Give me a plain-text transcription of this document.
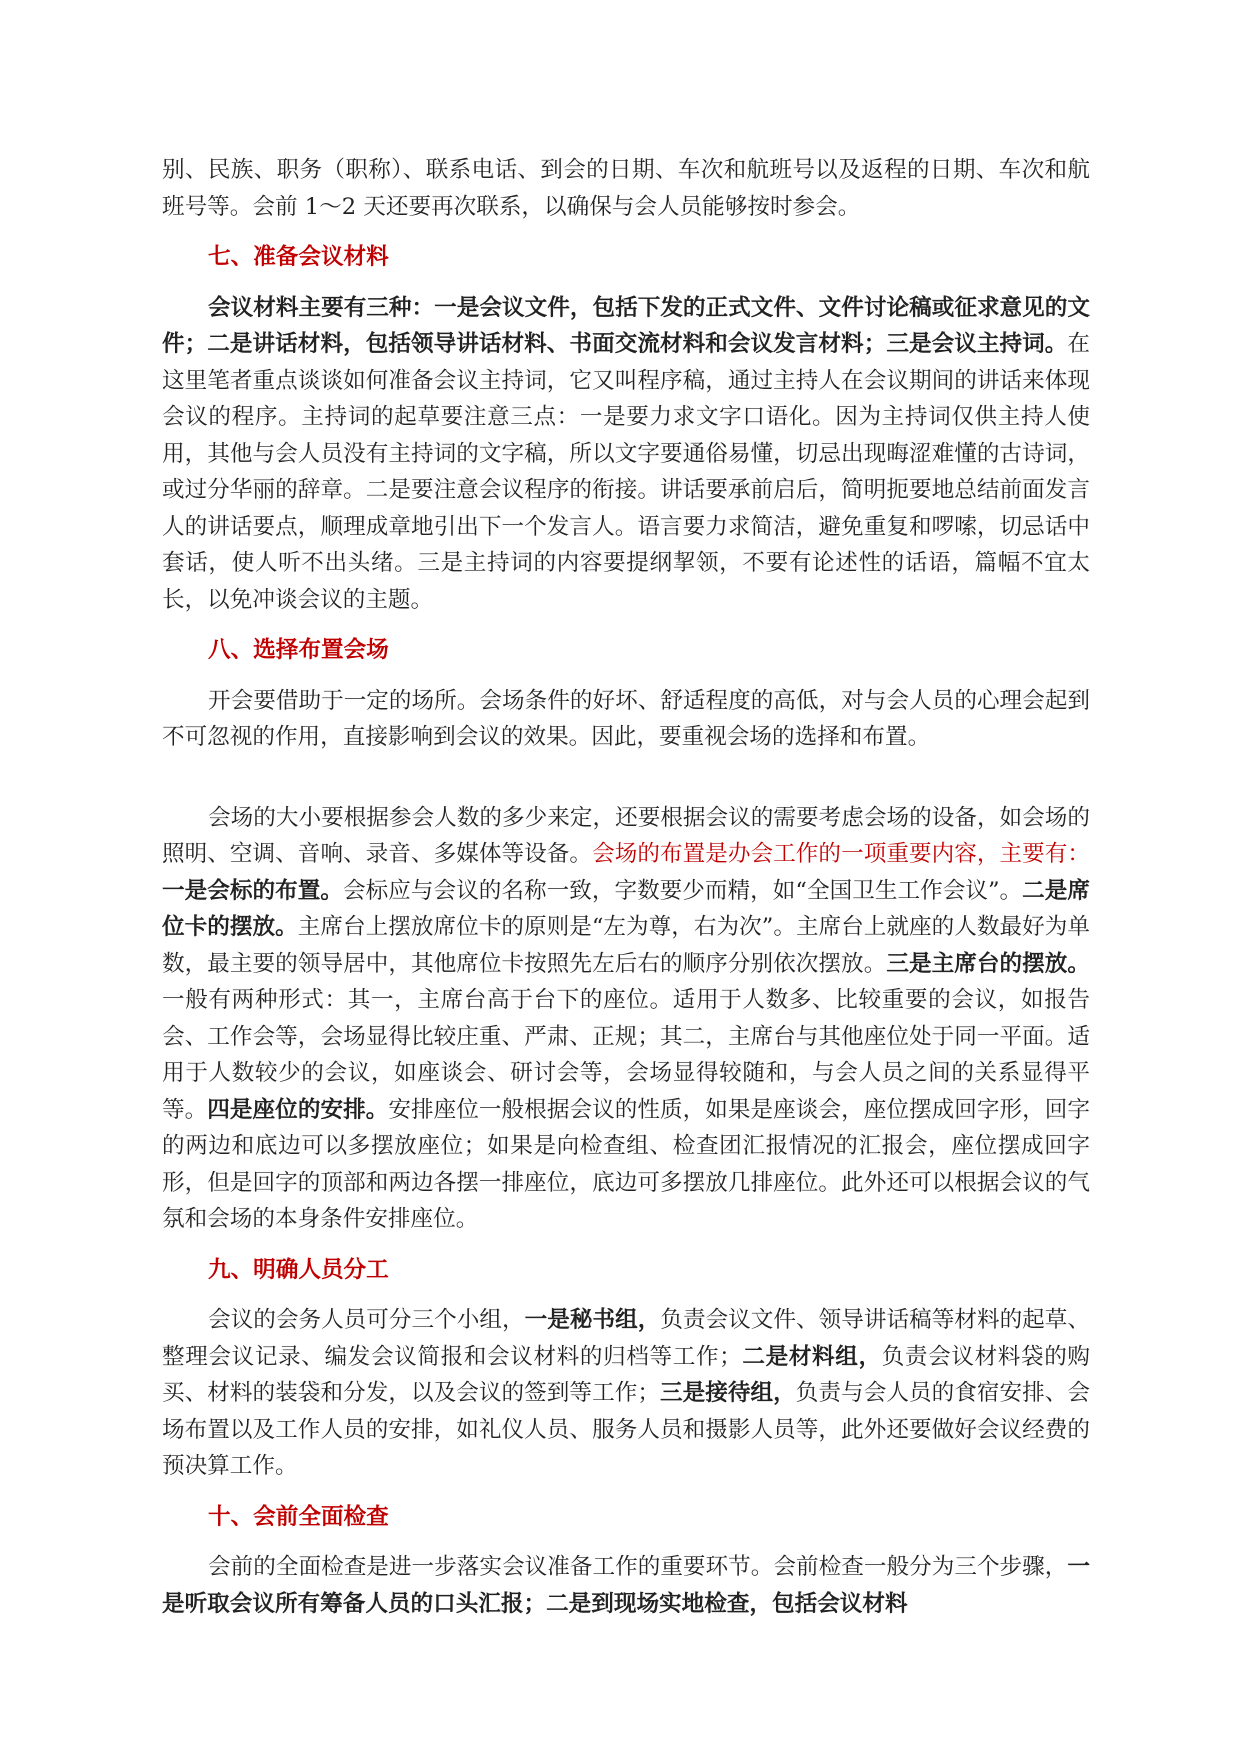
别、民族、职务（职称）、联系电话、到会的日期、车次和航班号以及返程的日期、车次和航班号等。会前 1～2 天还要再次联系，以确保与会人员能够按时参会。

七、准备会议材料

会议材料主要有三种：一是会议文件，包括下发的正式文件、文件讨论稿或征求意见的文件；二是讲话材料，包括领导讲话材料、书面交流材料和会议发言材料；三是会议主持词。在这里笔者重点谈谈如何准备会议主持词，它又叫程序稿，通过主持人在会议期间的讲话来体现会议的程序。主持词的起草要注意三点：一是要力求文字口语化。因为主持词仅供主持人使用，其他与会人员没有主持词的文字稿，所以文字要通俗易懂，切忌出现晦涩难懂的古诗词，或过分华丽的辞章。二是要注意会议程序的衔接。讲话要承前启后，简明扼要地总结前面发言人的讲话要点，顺理成章地引出下一个发言人。语言要力求简洁，避免重复和啰嗦，切忌话中套话，使人听不出头绪。三是主持词的内容要提纲挈领，不要有论述性的话语，篇幅不宜太长，以免冲谈会议的主题。

八、选择布置会场

开会要借助于一定的场所。会场条件的好坏、舒适程度的高低，对与会人员的心理会起到不可忽视的作用，直接影响到会议的效果。因此，要重视会场的选择和布置。

会场的大小要根据参会人数的多少来定，还要根据会议的需要考虑会场的设备，如会场的照明、空调、音响、录音、多媒体等设备。会场的布置是办会工作的一项重要内容，主要有：一是会标的布置。会标应与会议的名称一致，字数要少而精，如“全国卫生工作会议”。二是席位卡的摆放。主席台上摆放席位卡的原则是“左为尊，右为次”。主席台上就座的人数最好为单数，最主要的领导居中，其他席位卡按照先左后右的顺序分别依次摆放。三是主席台的摆放。一般有两种形式：其一，主席台高于台下的座位。适用于人数多、比较重要的会议，如报告会、工作会等，会场显得比较庄重、严肃、正规；其二，主席台与其他座位处于同一平面。适用于人数较少的会议，如座谈会、研讨会等，会场显得较随和，与会人员之间的关系显得平等。四是座位的安排。安排座位一般根据会议的性质，如果是座谈会，座位摆成回字形，回字的两边和底边可以多摆放座位；如果是向检查组、检查团汇报情况的汇报会，座位摆成回字形，但是回字的顶部和两边各摆一排座位，底边可多摆放几排座位。此外还可以根据会议的气氛和会场的本身条件安排座位。

九、明确人员分工

会议的会务人员可分三个小组，一是秘书组，负责会议文件、领导讲话稿等材料的起草、整理会议记录、编发会议简报和会议材料的归档等工作；二是材料组，负责会议材料袋的购买、材料的装袋和分发，以及会议的签到等工作；三是接待组，负责与会人员的食宿安排、会场布置以及工作人员的安排，如礼仪人员、服务人员和摄影人员等，此外还要做好会议经费的预决算工作。

十、会前全面检查

会前的全面检查是进一步落实会议准备工作的重要环节。会前检查一般分为三个步骤，一是听取会议所有筹备人员的口头汇报；二是到现场实地检查，包括会议材料
